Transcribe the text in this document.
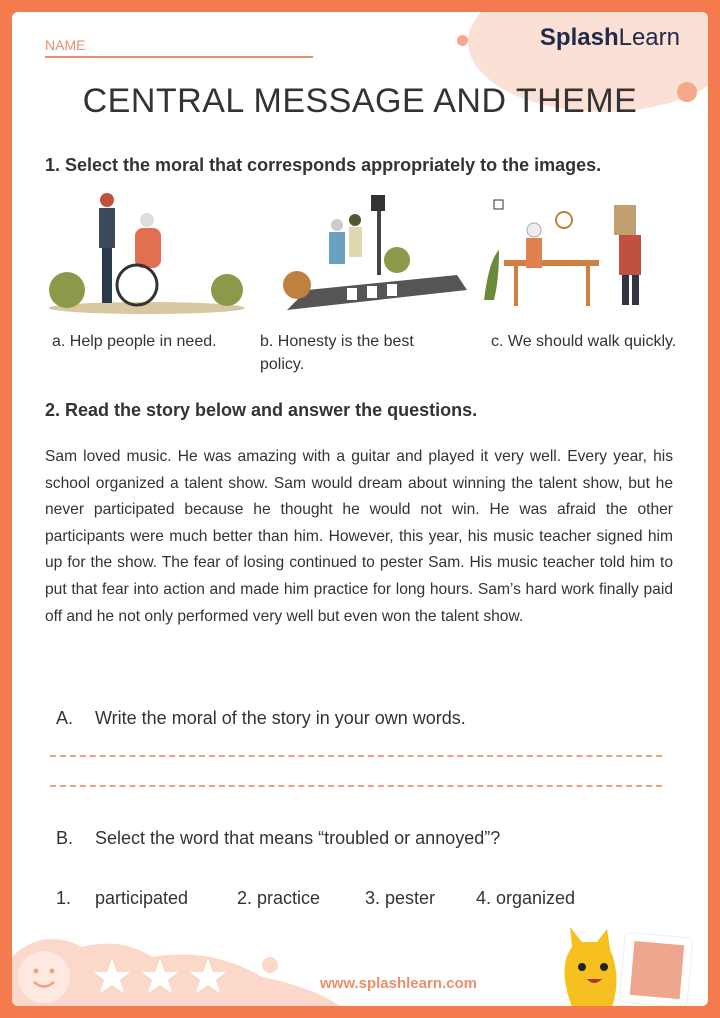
NAME	SplashLearn
CENTRAL MESSAGE AND THEME
1. Select the moral that corresponds appropriately to the images.
a. Help people in need.	b. Honesty is the best policy.
c. We should walk quickly.
2. Read the story below and answer the questions.
Sam loved music. He was amazing with a guitar and played it very well. Every year, his school organized a talent show. Sam would dream about winning the talent show, but he never participated because he thought he would not win. He was afraid the other participants were much better than him. However, this year, his music teacher signed him up for the show. The fear of losing continued to pester Sam. His music teacher told him to put that fear into action and made him practice for long hours. Sam’s hard work finally paid off and he not only performed very well but even won the talent show.
A. Write the moral of the story in your own words.
B. Select the word that means “troubled or annoyed”?
1. participated	2. practice 3. pester 4. organized
www.splashlearn.com
